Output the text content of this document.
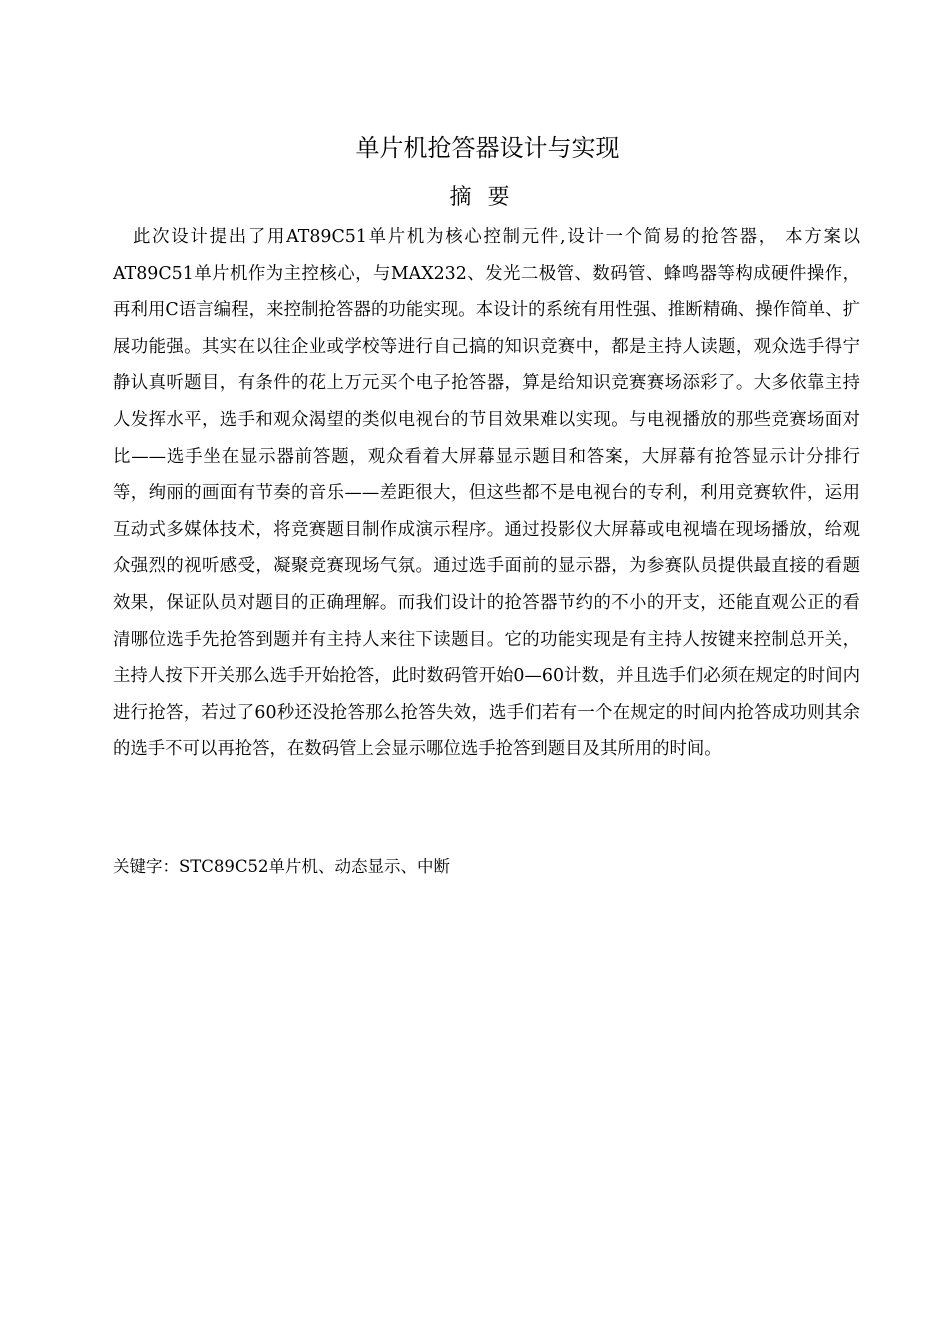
单片机抢答器设计与实现
摘要

此次设计提出了用AT89C51单片机为核心控制元件,设计一个简易的抢答器， 本方案以AT89C51单片机作为主控核心，与MAX232、发光二极管、数码管、蜂鸣器等构成硬件操作，再利用C语言编程，来控制抢答器的功能实现。本设计的系统有用性强、推断精确、操作简单、扩展功能强。其实在以往企业或学校等进行自己搞的知识竞赛中，都是主持人读题，观众选手得宁静认真听题目，有条件的花上万元买个电子抢答器，算是给知识竞赛赛场添彩了。大多依靠主持人发挥水平，选手和观众渴望的类似电视台的节目效果难以实现。与电视播放的那些竞赛场面对比——选手坐在显示器前答题，观众看着大屏幕显示题目和答案，大屏幕有抢答显示计分排行等，绚丽的画面有节奏的音乐——差距很大，但这些都不是电视台的专利，利用竞赛软件，运用互动式多媒体技术，将竞赛题目制作成演示程序。通过投影仪大屏幕或电视墙在现场播放，给观众强烈的视听感受，凝聚竞赛现场气氛。通过选手面前的显示器，为参赛队员提供最直接的看题效果，保证队员对题目的正确理解。而我们设计的抢答器节约的不小的开支，还能直观公正的看清哪位选手先抢答到题并有主持人来往下读题目。它的功能实现是有主持人按键来控制总开关，主持人按下开关那么选手开始抢答，此时数码管开始0—60计数，并且选手们必须在规定的时间内进行抢答，若过了60秒还没抢答那么抢答失效，选手们若有一个在规定的时间内抢答成功则其余的选手不可以再抢答，在数码管上会显示哪位选手抢答到题目及其所用的时间。

关键字：STC89C52单片机、动态显示、中断
